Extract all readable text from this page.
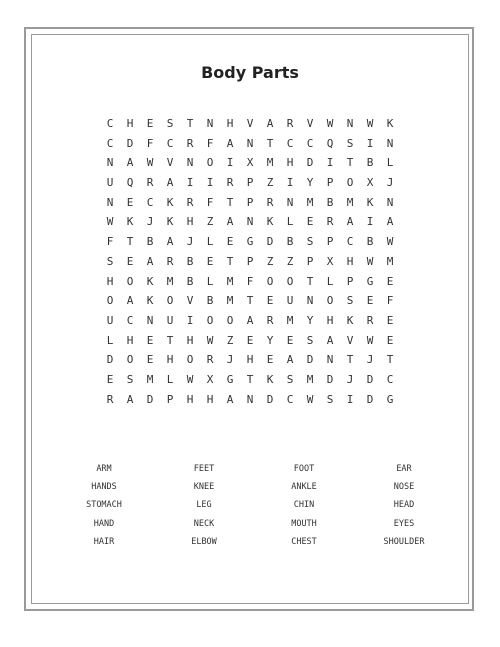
Body Parts
C	H	E	S	T	N	H	V	A	R	V	W	N	W	K
C	D	F	C	R	F	A	N	T	C	C	Q	S	I	N
N	A	W	V	N	O	I	X	M	H	D	I	T	B	L
U	Q	R	A	I	I	R	P	Z	I	Y	P	O	X	J
N	E	C	K	R	F	T	P	R	N	M	B	M	K	N
W	K	J	K	H	Z	A	N	K	L	E	R	A	I	A
F	T	B	A	J	L	E	G	D	B	S	P	C	B	W
S	E	A	R	B	E	T	P	Z	Z	P	X	H	W	M
H	O	K	M	B	L	M	F	O	O	T	L	P	G	E
O	A	K	O	V	B	M	T	E	U	N	O	S	E	F
U	C	N	U	I	O	O	A	R	M	Y	H	K	R	E
L	H	E	T	H	W	Z	E	Y	E	S	A	V	W	E
D	O	E	H	O	R	J	H	E	A	D	N	T	J	T
E	S	M	L	W	X	G	T	K	S	M	D	J	D	C
R	A	D	P	H	H	A	N	D	C	W	S	I	D	G
ARM	FEET	FOOT	EAR
HANDS	KNEE	ANKLE	NOSE
STOMACH	LEG	CHIN	HEAD
HAND	NECK	MOUTH	EYES
HAIR	ELBOW	CHEST	SHOULDER
